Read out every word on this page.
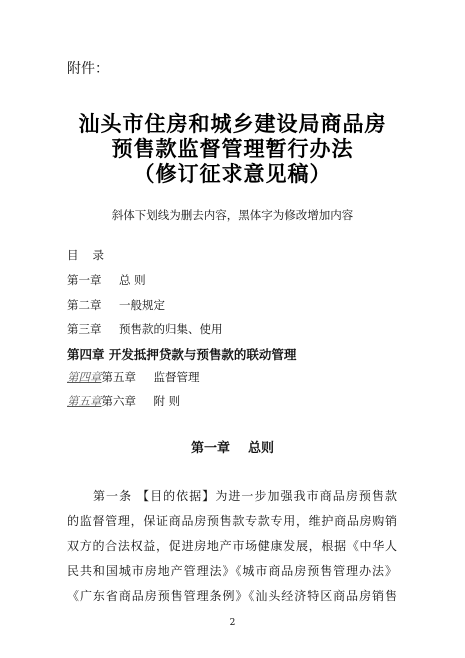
附件：
汕头市住房和城乡建设局商品房
预售款监督管理暂行办法
（修订征求意见稿）
斜体下划线为删去内容，黑体字为修改增加内容
目录
第一章 总 则
第二章 一般规定
第三章 预售款的归集、使用
第四章 开发抵押贷款与预售款的联动管理
第四章第五章 监督管理
第五章第六章 附 则
第一章 总则
第一条 【目的依据】为进一步加强我市商品房预售款
的监督管理，保证商品房预售款专款专用，维护商品房购销
双方的合法权益，促进房地产市场健康发展，根据《中华人
民共和国城市房地产管理法》《城市商品房预售管理办法》
《广东省商品房预售管理条例》《汕头经济特区商品房销售
2
